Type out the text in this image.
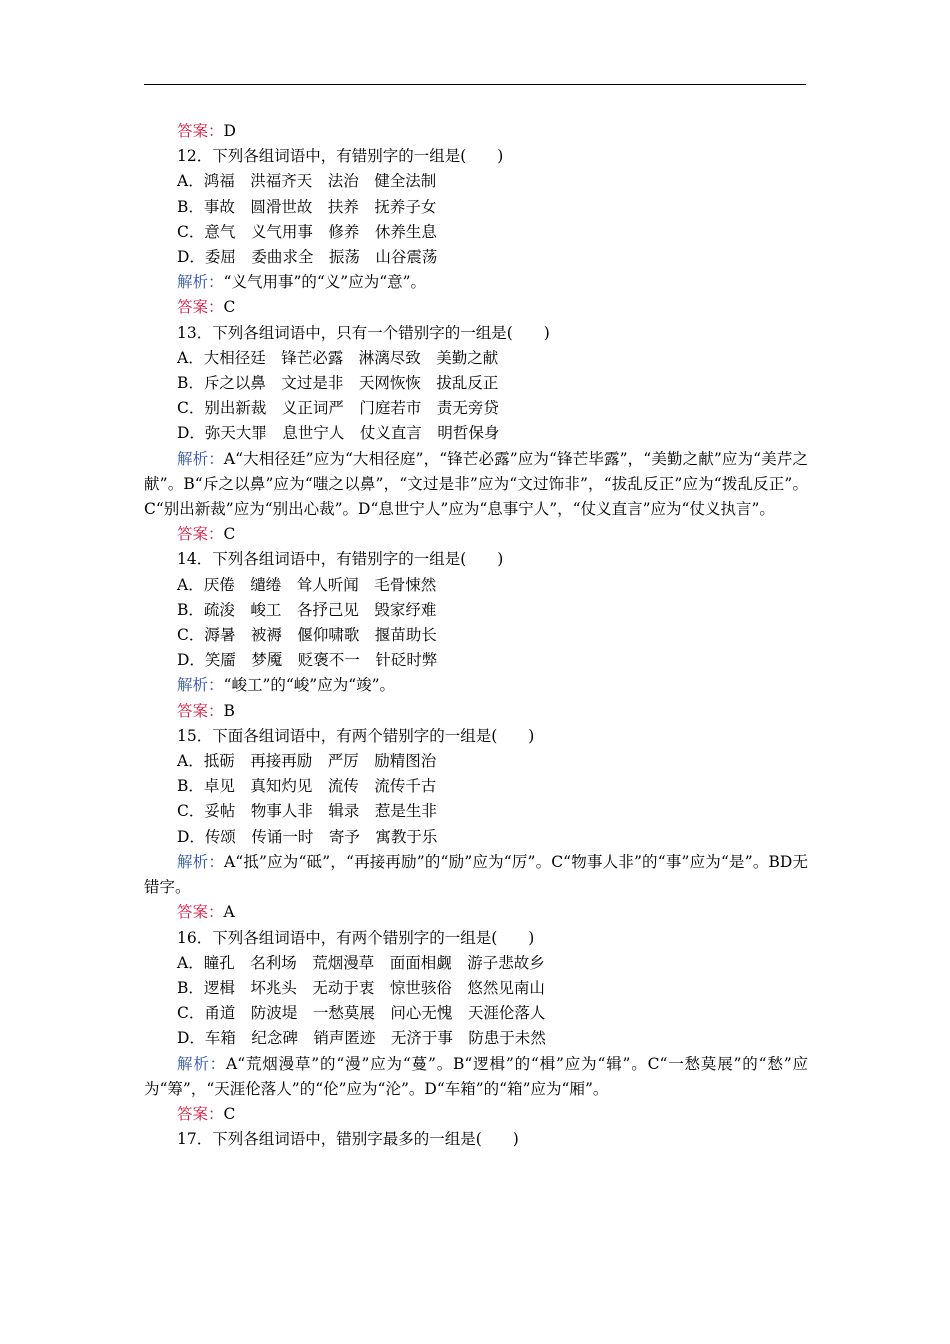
答案：D
12．下列各组词语中，有错别字的一组是(　　)
A．鸿福　洪福齐天　法治　健全法制
B．事故　圆滑世故　扶养　抚养子女
C．意气　义气用事　修养　休养生息
D．委屈　委曲求全　振荡　山谷震荡
解析：“义气用事”的“义”应为“意”。
答案：C
13．下列各组词语中，只有一个错别字的一组是(　　)
A．大相径廷　锋芒必露　淋漓尽致　美勤之献
B．斥之以鼻　文过是非　天网恢恢　拔乱反正
C．别出新裁　义正词严　门庭若市　责无旁贷
D．弥天大罪　息世宁人　仗义直言　明哲保身
解析：A“大相径廷”应为“大相径庭”，“锋芒必露”应为“锋芒毕露”，“美勤之献”应为“美芹之献”。B“斥之以鼻”应为“嗤之以鼻”，“文过是非”应为“文过饰非”，“拔乱反正”应为“拨乱反正”。C“别出新裁”应为“别出心裁”。D“息世宁人”应为“息事宁人”，“仗义直言”应为“仗义执言”。
答案：C
14．下列各组词语中，有错别字的一组是(　　)
A．厌倦　缱绻　耸人听闻　毛骨悚然
B．疏浚　峻工　各抒己见　毁家纾难
C．溽暑　被褥　偃仰啸歌　揠苗助长
D．笑靥　梦魇　贬褒不一　针砭时弊
解析：“峻工”的“峻”应为“竣”。
答案：B
15．下面各组词语中，有两个错别字的一组是(　　)
A．抵砺　再接再励　严厉　励精图治
B．卓见　真知灼见　流传　流传千古
C．妥帖　物事人非　辑录　惹是生非
D．传颂　传诵一时　寄予　寓教于乐
解析：A“抵”应为“砥”，“再接再励”的“励”应为“厉”。C“物事人非”的“事”应为“是”。BD无错字。
答案：A
16．下列各组词语中，有两个错别字的一组是(　　)
A．瞳孔　名利场　荒烟漫草　面面相觑　游子悲故乡
B．逻楫　坏兆头　无动于衷　惊世骇俗　悠然见南山
C．甬道　防波堤　一愁莫展　问心无愧　天涯伦落人
D．车箱　纪念碑　销声匿迹　无济于事　防患于未然
解析：A“荒烟漫草”的“漫”应为“蔓”。B“逻楫”的“楫”应为“辑”。C“一愁莫展”的“愁”应为“筹”，“天涯伦落人”的“伦”应为“沦”。D“车箱”的“箱”应为“厢”。
答案：C
17．下列各组词语中，错别字最多的一组是(　　)
